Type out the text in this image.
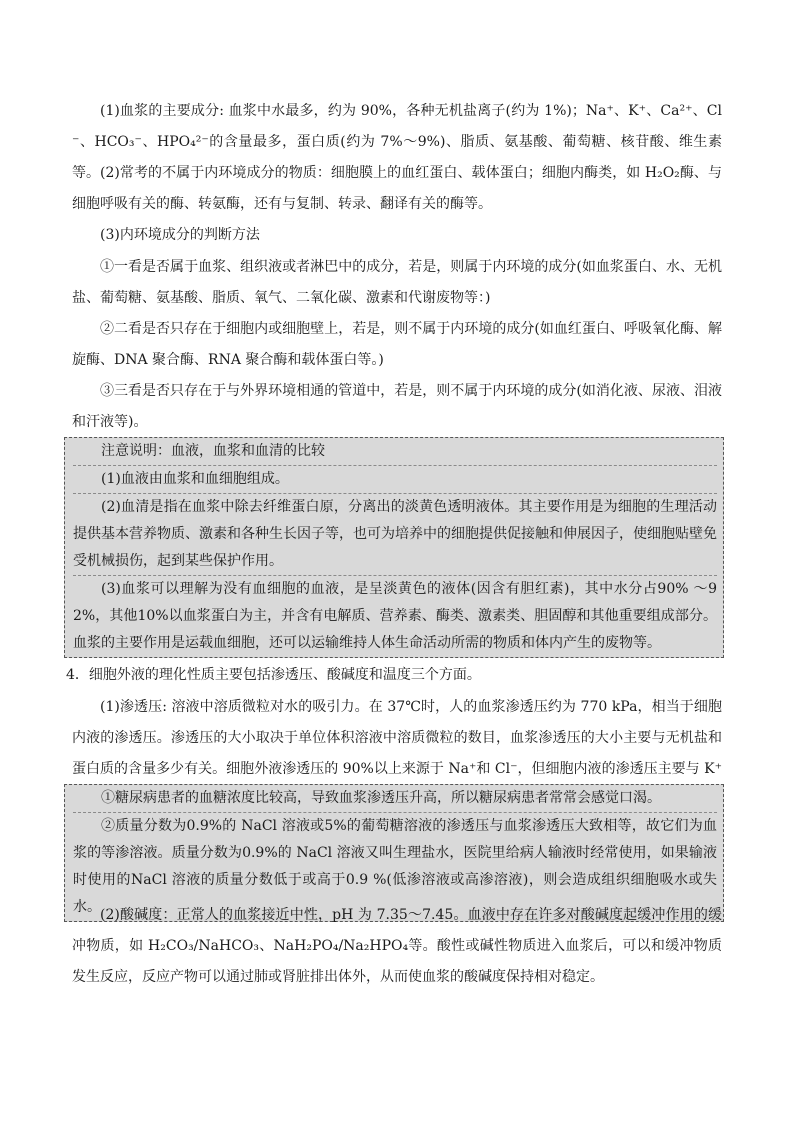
(1)血浆的主要成分: 血浆中水最多，约为 90%，各种无机盐离子(约为 1%)；Na⁺、K⁺、Ca²⁺、Cl⁻、HCO₃⁻、HPO₄²⁻的含量最多，蛋白质(约为 7%～9%)、脂质、氨基酸、葡萄糖、核苷酸、维生素等。 (2)常考的不属于内环境成分的物质：细胞膜上的血红蛋白、载体蛋白；细胞内酶类，如 H₂O₂酶、与细胞呼吸有关的酶、转氨酶，还有与复制、转录、翻译有关的酶等。

(3)内环境成分的判断方法

①一看是否属于血浆、组织液或者淋巴中的成分，若是，则属于内环境的成分(如血浆蛋白、水、无机盐、葡萄糖、氨基酸、脂质、氧气、二氧化碳、激素和代谢废物等：)

②二看是否只存在于细胞内或细胞壁上，若是，则不属于内环境的成分(如血红蛋白、呼吸氧化酶、解旋酶、DNA 聚合酶、RNA 聚合酶和载体蛋白等。)

③三看是否只存在于与外界环境相通的管道中，若是，则不属于内环境的成分(如消化液、尿液、泪液和汗液等)。

注意说明：血液，血浆和血清的比较

(1)血液由血浆和血细胞组成。

(2)血清是指在血浆中除去纤维蛋白原，分离出的淡黄色透明液体。其主要作用是为细胞的生理活动提供基本营养物质、激素和各种生长因子等，也可为培养中的细胞提供促接触和伸展因子，使细胞贴壁免受机械损伤，起到某些保护作用。

(3)血浆可以理解为没有血细胞的血液，是呈淡黄色的液体(因含有胆红素)，其中水分占90% ～92%，其他10%以血浆蛋白为主，并含有电解质、营养素、酶类、激素类、胆固醇和其他重要组成部分。血浆的主要作用是运载血细胞，还可以运输维持人体生命活动所需的物质和体内产生的废物等。

4．细胞外液的理化性质主要包括渗透压、酸碱度和温度三个方面。

(1)渗透压: 溶液中溶质微粒对水的吸引力。在 37℃时，人的血浆渗透压约为 770 kPa，相当于细胞内液的渗透压。渗透压的大小取决于单位体积溶液中溶质微粒的数目，血浆渗透压的大小主要与无机盐和蛋白质的含量多少有关。细胞外液渗透压的 90%以上来源于 Na⁺和 Cl⁻，但细胞内液的渗透压主要与 K⁺

①糖尿病患者的血糖浓度比较高，导致血浆渗透压升高，所以糖尿病患者常常会感觉口渴。

②质量分数为0.9%的 NaCl 溶液或5%的葡萄糖溶液的渗透压与血浆渗透压大致相等，故它们为血浆的等渗溶液。质量分数为0.9%的 NaCl 溶液又叫生理盐水，医院里给病人输液时经常使用，如果输液时使用的NaCl 溶液的质量分数低于或高于0.9 %(低渗溶液或高渗溶液)，则会造成组织细胞吸水或失水。 (2)酸碱度：正常人的血浆接近中性，pH 为 7.35～7.45。血液中存在许多对酸碱度起缓冲作用的缓冲物质，如 H₂CO₃/NaHCO₃、NaH₂PO₄/Na₂HPO₄等。酸性或碱性物质进入血浆后，可以和缓冲物质发生反应，反应产物可以通过肺或肾脏排出体外，从而使血浆的酸碱度保持相对稳定。
